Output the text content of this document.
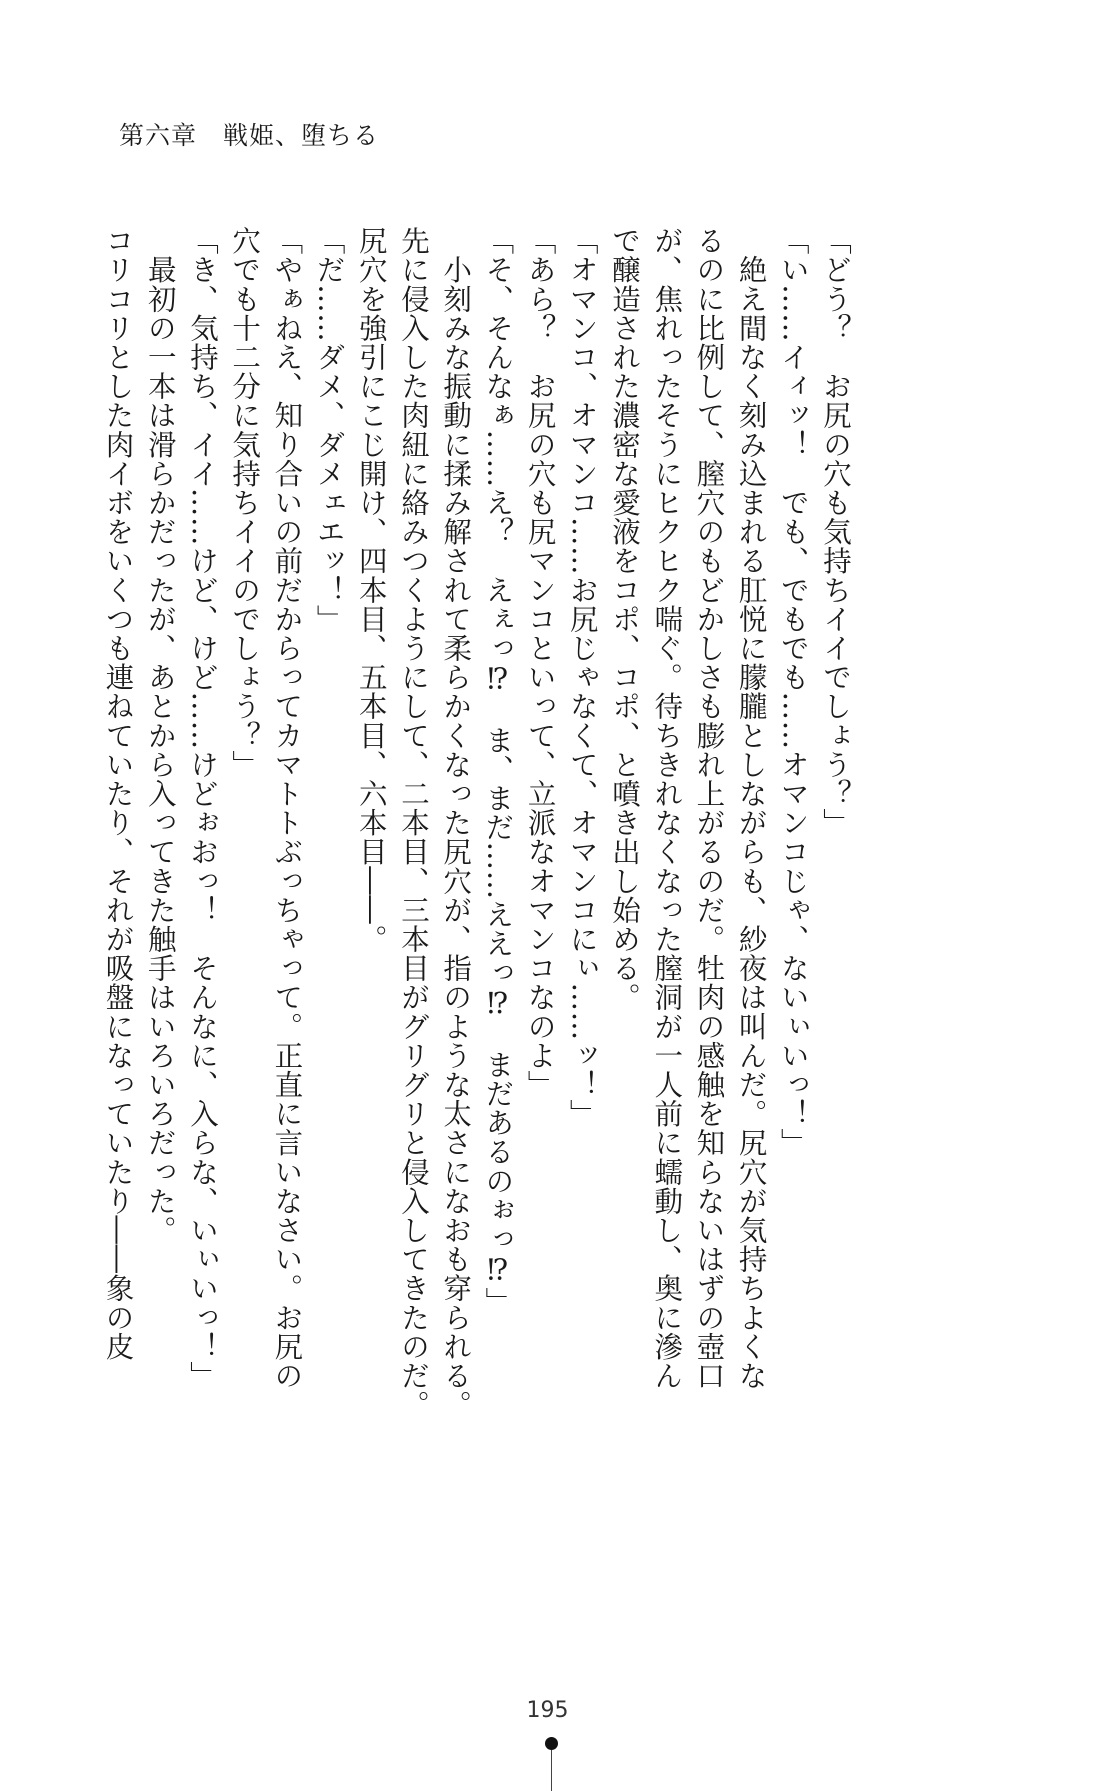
第六章　戦姫、堕ちる
「どう？　お尻の穴も気持ちイイでしょう？」
「い……イィッ！　でも、でもでも……オマンコじゃ、ないぃいっ！」
　絶え間なく刻み込まれる肛悦に朦朧としながらも、紗夜は叫んだ。尻穴が気持ちよくな
るのに比例して、膣穴のもどかしさも膨れ上がるのだ。牡肉の感触を知らないはずの壺口
が、焦れったそうにヒクヒク喘ぐ。待ちきれなくなった膣洞が一人前に蠕動し、奥に滲ん
で醸造された濃密な愛液をコポ、コポ、と噴き出し始める。
「オマンコ、オマンコ……お尻じゃなくて、オマンコにぃ……ッ！」
「あら？　お尻の穴も尻マンコといって、立派なオマンコなのよ」
「そ、そんなぁ……え？　えぇっ⁉　ま、まだ……ええっ⁉　まだあるのぉっ⁉」
　小刻みな振動に揉み解されて柔らかくなった尻穴が、指のような太さになおも穿られる。
先に侵入した肉紐に絡みつくようにして、二本目、三本目がグリグリと侵入してきたのだ。
尻穴を強引にこじ開け、四本目、五本目、六本目――。
「だ……ダメ、ダメェエッ！」
「やぁねえ、知り合いの前だからってカマトトぶっちゃって。正直に言いなさい。お尻の
穴でも十二分に気持ちイイのでしょう？」
「き、気持ち、イイ……けど、けど……けどぉおっ！　そんなに、入らな、いぃいっ！」
　最初の一本は滑らかだったが、あとから入ってきた触手はいろいろだった。
コリコリとした肉イボをいくつも連ねていたり、それが吸盤になっていたり――象の皮
195
